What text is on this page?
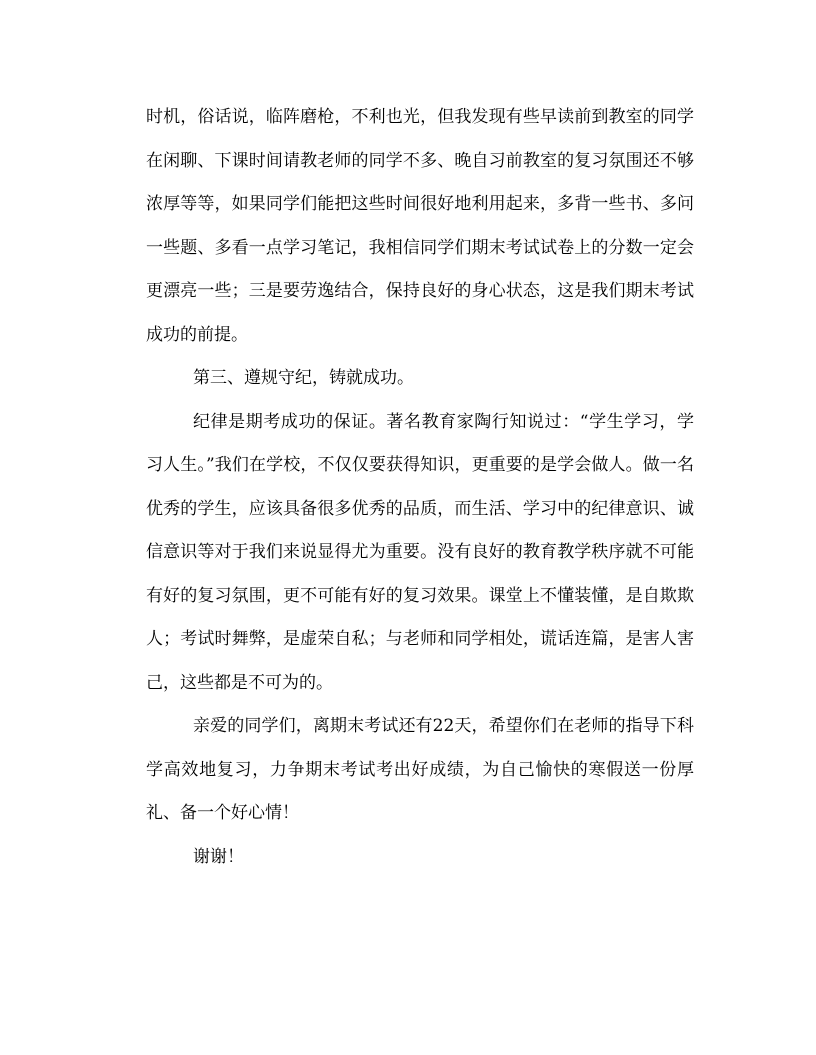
时机，俗话说，临阵磨枪，不利也光，但我发现有些早读前到教室的同学在闲聊、下课时间请教老师的同学不多、晚自习前教室的复习氛围还不够浓厚等等，如果同学们能把这些时间很好地利用起来，多背一些书、多问一些题、多看一点学习笔记，我相信同学们期末考试试卷上的分数一定会更漂亮一些；三是要劳逸结合，保持良好的身心状态，这是我们期末考试成功的前提。

第三、遵规守纪，铸就成功。

纪律是期考成功的保证。著名教育家陶行知说过：“学生学习，学习人生。”我们在学校，不仅仅要获得知识，更重要的是学会做人。做一名优秀的学生，应该具备很多优秀的品质，而生活、学习中的纪律意识、诚信意识等对于我们来说显得尤为重要。没有良好的教育教学秩序就不可能有好的复习氛围，更不可能有好的复习效果。课堂上不懂装懂，是自欺欺人；考试时舞弊，是虚荣自私；与老师和同学相处，谎话连篇，是害人害己，这些都是不可为的。

亲爱的同学们，离期末考试还有22天，希望你们在老师的指导下科学高效地复习，力争期末考试考出好成绩，为自己愉快的寒假送一份厚礼、备一个好心情！

谢谢！
